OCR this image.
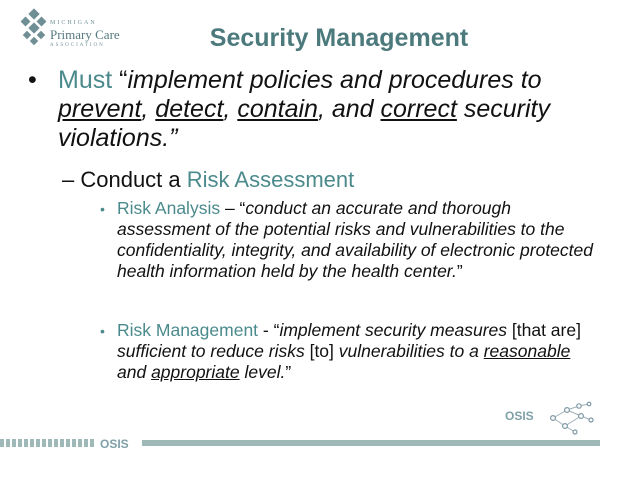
MICHIGAN
Primary Care
ASSOCIATION	Security Management
• Must “implement policies and procedures to prevent, detect, contain, and correct security violations.”
– Conduct a Risk Assessment
• Risk Analysis – “conduct an accurate and thorough assessment of the potential risks and vulnerabilities to the confidentiality, integrity, and availability of electronic protected health information held by the health center.”
• Risk Management - “implement security measures [that are] sufficient to reduce risks [to] vulnerabilities to a reasonable and appropriate level.”
OSIS
OSIS
